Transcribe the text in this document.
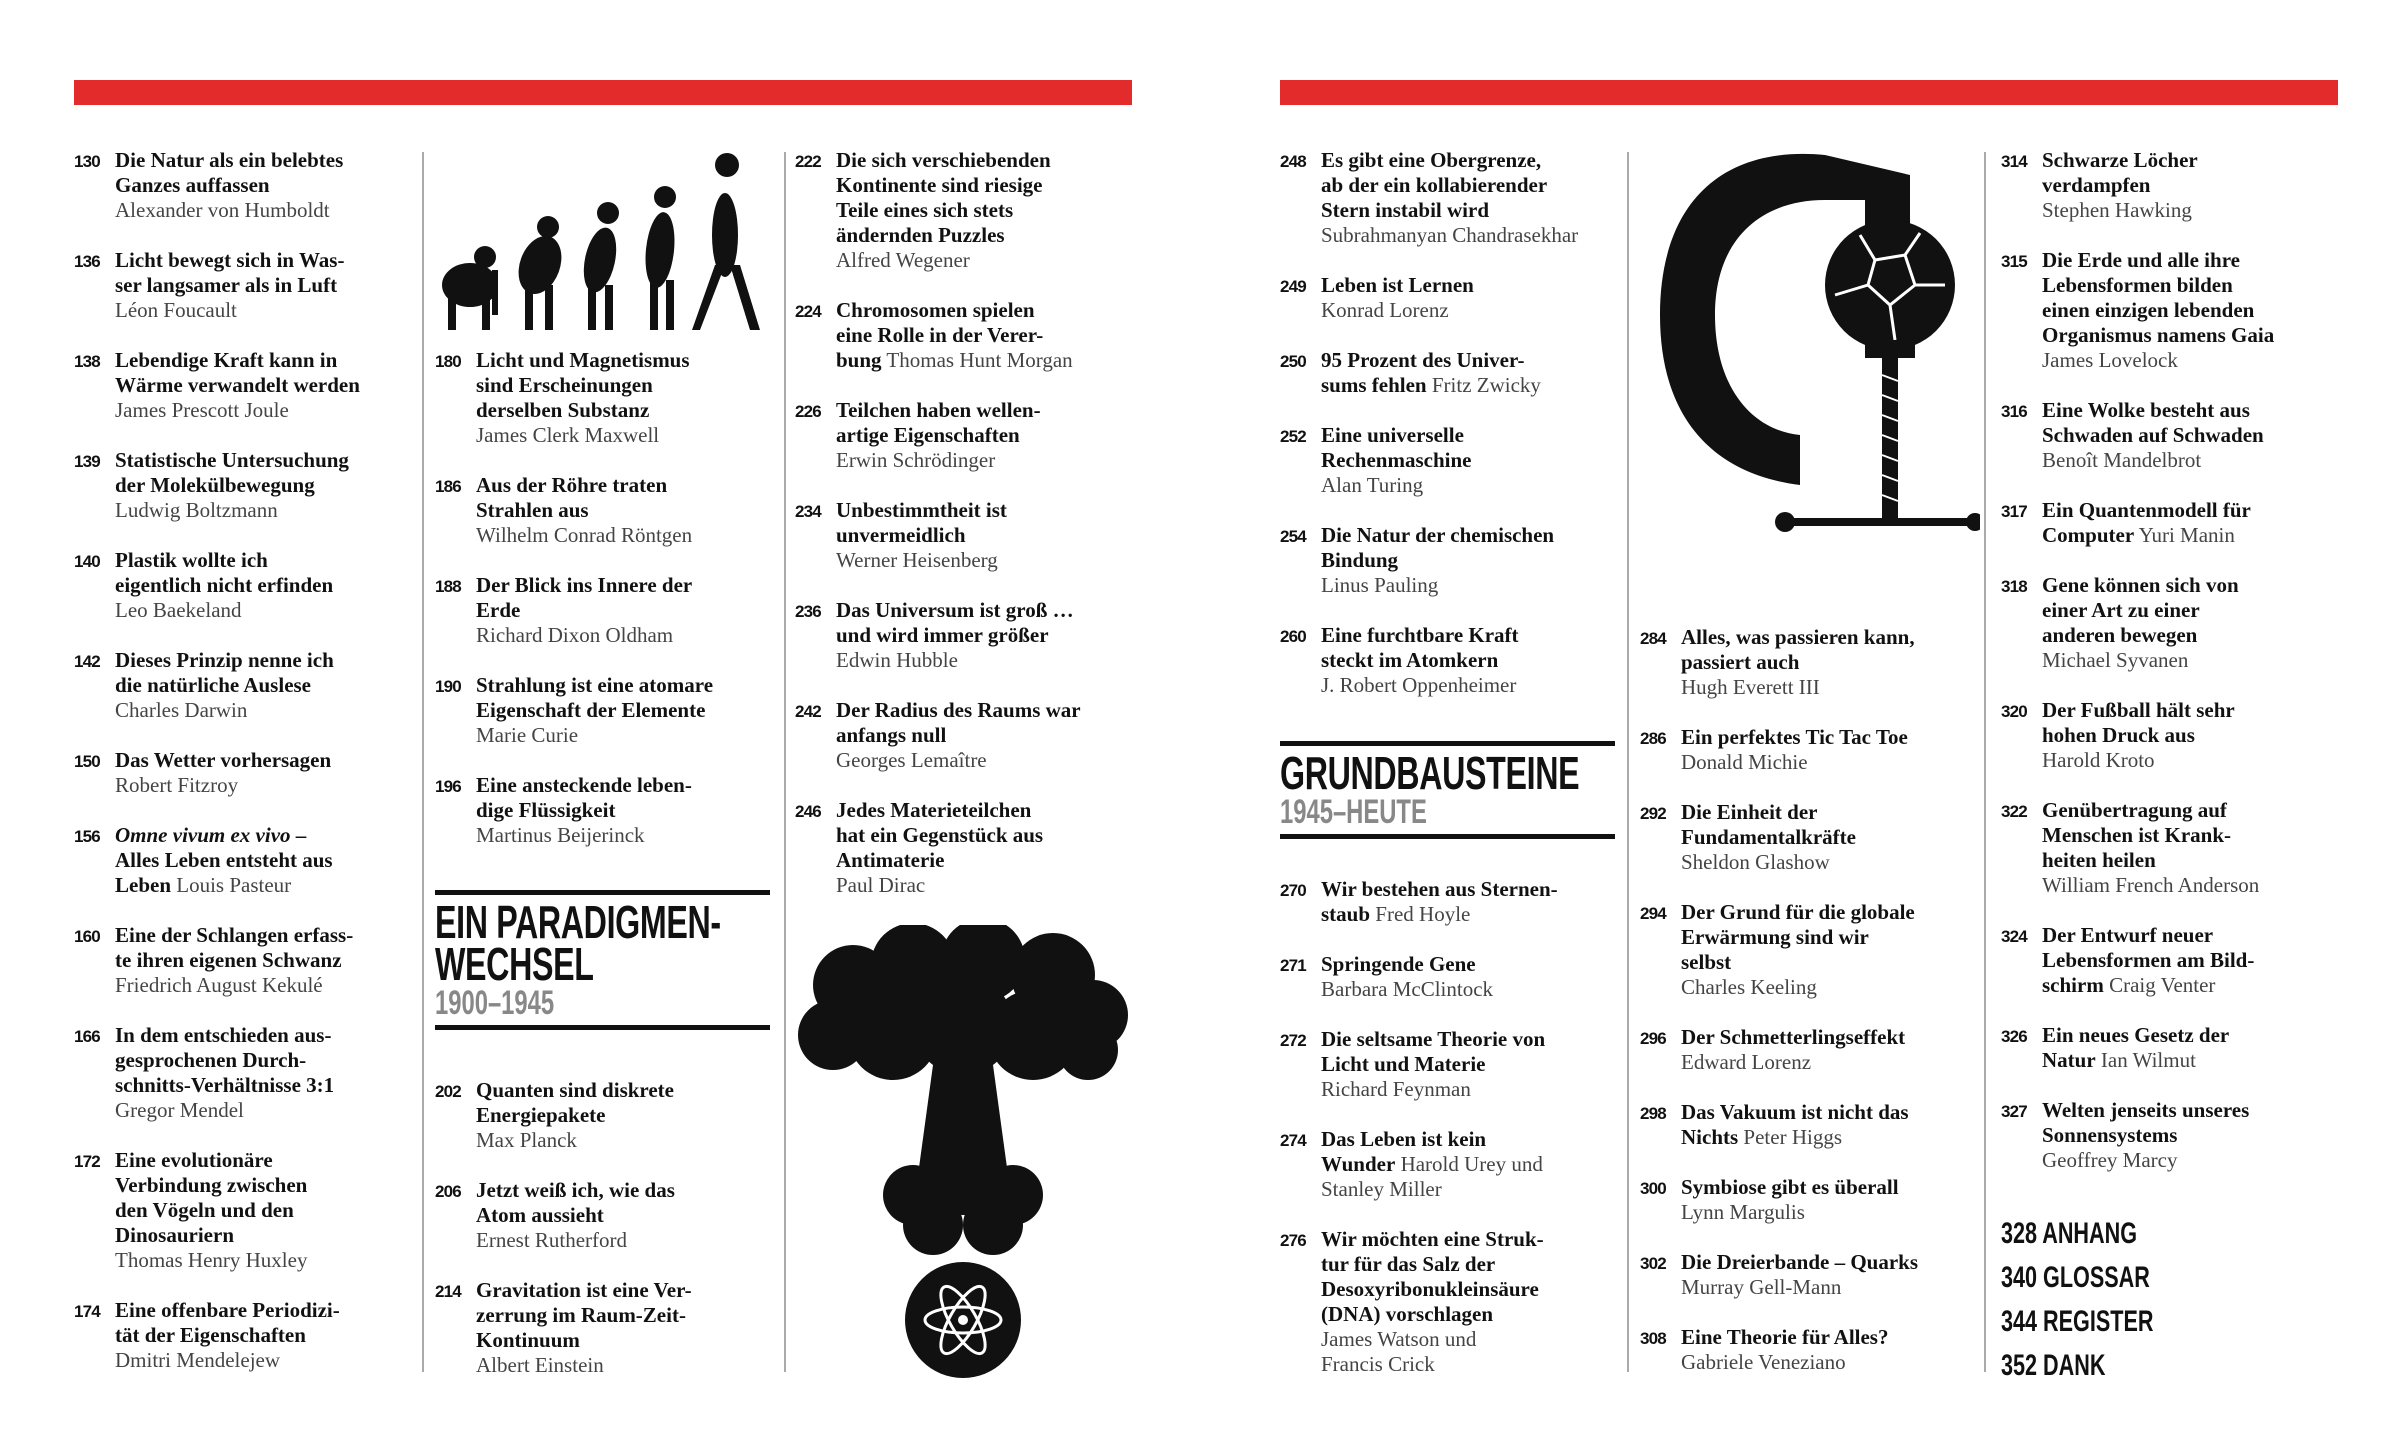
130 Die Natur als ein belebtes
Ganzes auffassen
Alexander von Humboldt
136 Licht bewegt sich in Was-
ser langsamer als in Luft
Léon Foucault
138 Lebendige Kraft kann in
Wärme verwandelt werden
James Prescott Joule
139 Statistische Untersuchung
der Molekülbewegung
Ludwig Boltzmann
140 Plastik wollte ich
eigentlich nicht erfinden
Leo Baekeland
142 Dieses Prinzip nenne ich
die natürliche Auslese
Charles Darwin
150 Das Wetter vorhersagen
Robert Fitzroy
156 Omne vivum ex vivo –
Alles Leben entsteht aus
Leben Louis Pasteur
160 Eine der Schlangen erfass-
te ihren eigenen Schwanz
Friedrich August Kekulé
166 In dem entschieden aus-
gesprochenen Durch-
schnitts-Verhältnisse 3:1
Gregor Mendel
172 Eine evolutionäre
Verbindung zwischen
den Vögeln und den
Dinosauriern
Thomas Henry Huxley
174 Eine offenbare Periodizi-
tät der Eigenschaften
Dmitri Mendelejew
180 Licht und Magnetismus
sind Erscheinungen
derselben Substanz
James Clerk Maxwell
186 Aus der Röhre traten
Strahlen aus
Wilhelm Conrad Röntgen
188 Der Blick ins Innere der
Erde
Richard Dixon Oldham
190 Strahlung ist eine atomare
Eigenschaft der Elemente
Marie Curie
196 Eine ansteckende leben-
dige Flüssigkeit
Martinus Beijerinck
202 Quanten sind diskrete
Energiepakete
Max Planck
206 Jetzt weiß ich, wie das
Atom aussieht
Ernest Rutherford
214 Gravitation ist eine Ver-
zerrung im Raum-Zeit-
Kontinuum
Albert Einstein
222 Die sich verschiebenden
Kontinente sind riesige
Teile eines sich stets
ändernden Puzzles
Alfred Wegener
224 Chromosomen spielen
eine Rolle in der Verer-
bung Thomas Hunt Morgan
226 Teilchen haben wellen-
artige Eigenschaften
Erwin Schrödinger
234 Unbestimmtheit ist
unvermeidlich
Werner Heisenberg
236 Das Universum ist groß …
und wird immer größer
Edwin Hubble
242 Der Radius des Raums war
anfangs null
Georges Lemaître
246 Jedes Materieteilchen
hat ein Gegenstück aus
Antimaterie
Paul Dirac
248 Es gibt eine Obergrenze,
ab der ein kollabierender
Stern instabil wird
Subrahmanyan Chandrasekhar
249 Leben ist Lernen
Konrad Lorenz
250 95 Prozent des Univer-
sums fehlen Fritz Zwicky
252 Eine universelle
Rechenmaschine
Alan Turing
254 Die Natur der chemischen
Bindung
Linus Pauling
260 Eine furchtbare Kraft
steckt im Atomkern
J. Robert Oppenheimer
270 Wir bestehen aus Sternen-
staub Fred Hoyle
271 Springende Gene
Barbara McClintock
272 Die seltsame Theorie von
Licht und Materie
Richard Feynman
274 Das Leben ist kein
Wunder Harold Urey und
Stanley Miller
276 Wir möchten eine Struk-
tur für das Salz der
Desoxyribonukleinsäure
(DNA) vorschlagen
James Watson und
Francis Crick
284 Alles, was passieren kann,
passiert auch
Hugh Everett III
286 Ein perfektes Tic Tac Toe
Donald Michie
292 Die Einheit der
Fundamentalkräfte
Sheldon Glashow
294 Der Grund für die globale
Erwärmung sind wir
selbst
Charles Keeling
296 Der Schmetterlingseffekt
Edward Lorenz
298 Das Vakuum ist nicht das
Nichts Peter Higgs
300 Symbiose gibt es überall
Lynn Margulis
302 Die Dreierbande – Quarks
Murray Gell-Mann
308 Eine Theorie für Alles?
Gabriele Veneziano
314 Schwarze Löcher
verdampfen
Stephen Hawking
315 Die Erde und alle ihre
Lebensformen bilden
einen einzigen lebenden
Organismus namens Gaia
James Lovelock
316 Eine Wolke besteht aus
Schwaden auf Schwaden
Benoît Mandelbrot
317 Ein Quantenmodell für
Computer Yuri Manin
318 Gene können sich von
einer Art zu einer
anderen bewegen
Michael Syvanen
320 Der Fußball hält sehr
hohen Druck aus
Harold Kroto
322 Genübertragung auf
Menschen ist Krank-
heiten heilen
William French Anderson
324 Der Entwurf neuer
Lebensformen am Bild-
schirm Craig Venter
326 Ein neues Gesetz der
Natur Ian Wilmut
327 Welten jenseits unseres
Sonnensystems
Geoffrey Marcy
EIN PARADIGMEN-
WECHSEL
1900–1945
GRUNDBAUSTEINE
1945–HEUTE
328 ANHANG
340 GLOSSAR
344 REGISTER
352 DANK
